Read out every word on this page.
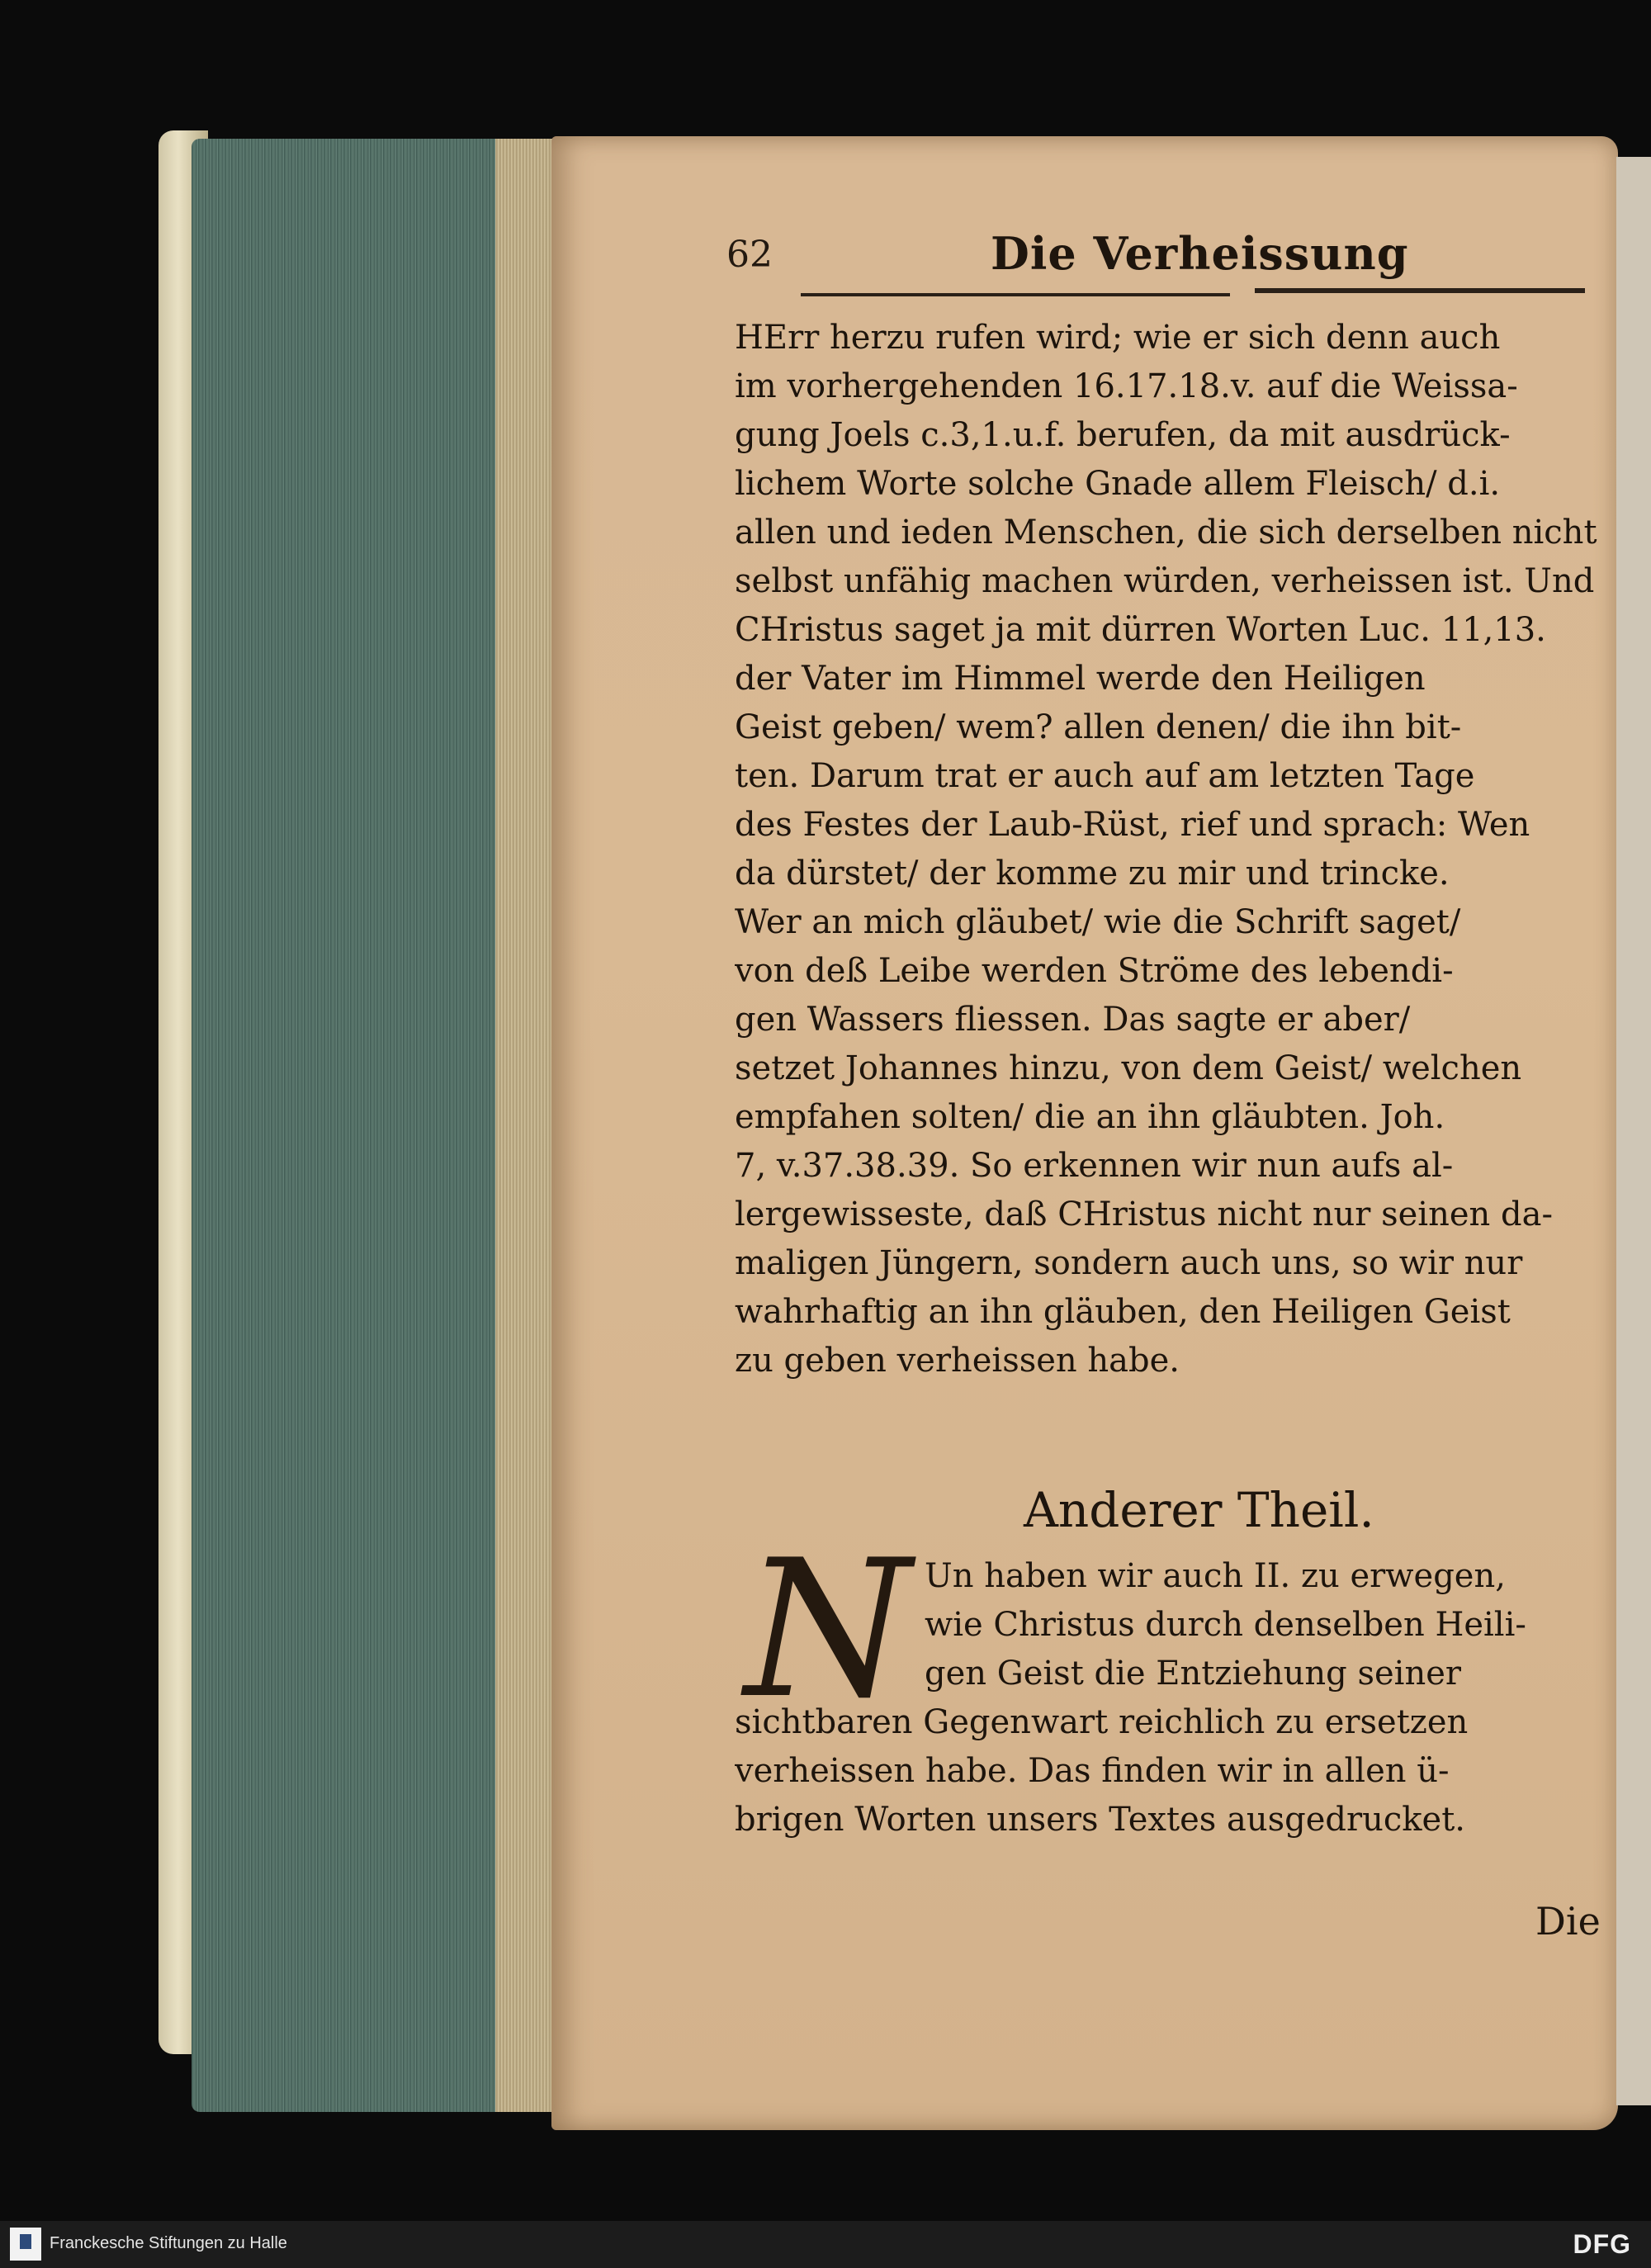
62	Die Verheissung
HErr herzu rufen wird; wie er sich denn auch
im vorhergehenden 16.17.18.v. auf die Weissa-
gung Joels c.3,1.u.f. berufen, da mit ausdrück-
lichem Worte solche Gnade allem Fleisch/ d.i.
allen und ieden Menschen, die sich derselben nicht
selbst unfähig machen würden, verheissen ist. Und
CHristus saget ja mit dürren Worten Luc. 11,13.
der Vater im Himmel werde den Heiligen
Geist geben/ wem? allen denen/ die ihn bit-
ten. Darum trat er auch auf am letzten Tage
des Festes der Laub-Rüst, rief und sprach: Wen
da dürstet/ der komme zu mir und trincke.
Wer an mich gläubet/ wie die Schrift saget/
von deß Leibe werden Ströme des lebendi-
gen Wassers fliessen. Das sagte er aber/
setzet Johannes hinzu, von dem Geist/ welchen
empfahen solten/ die an ihn gläubten. Joh.
7, v.37.38.39. So erkennen wir nun aufs al-
lergewisseste, daß CHristus nicht nur seinen da-
maligen Jüngern, sondern auch uns, so wir nur
wahrhaftig an ihn gläuben, den Heiligen Geist
zu geben verheissen habe.
Anderer Theil.
N Un haben wir auch II. zu erwegen,
wie Christus durch denselben Heili-
gen Geist die Entziehung seiner
sichtbaren Gegenwart reichlich zu ersetzen
verheissen habe. Das finden wir in allen ü-
brigen Worten unsers Textes ausgedrucket.
Die
Franckesche Stiftungen zu Halle	DFG
